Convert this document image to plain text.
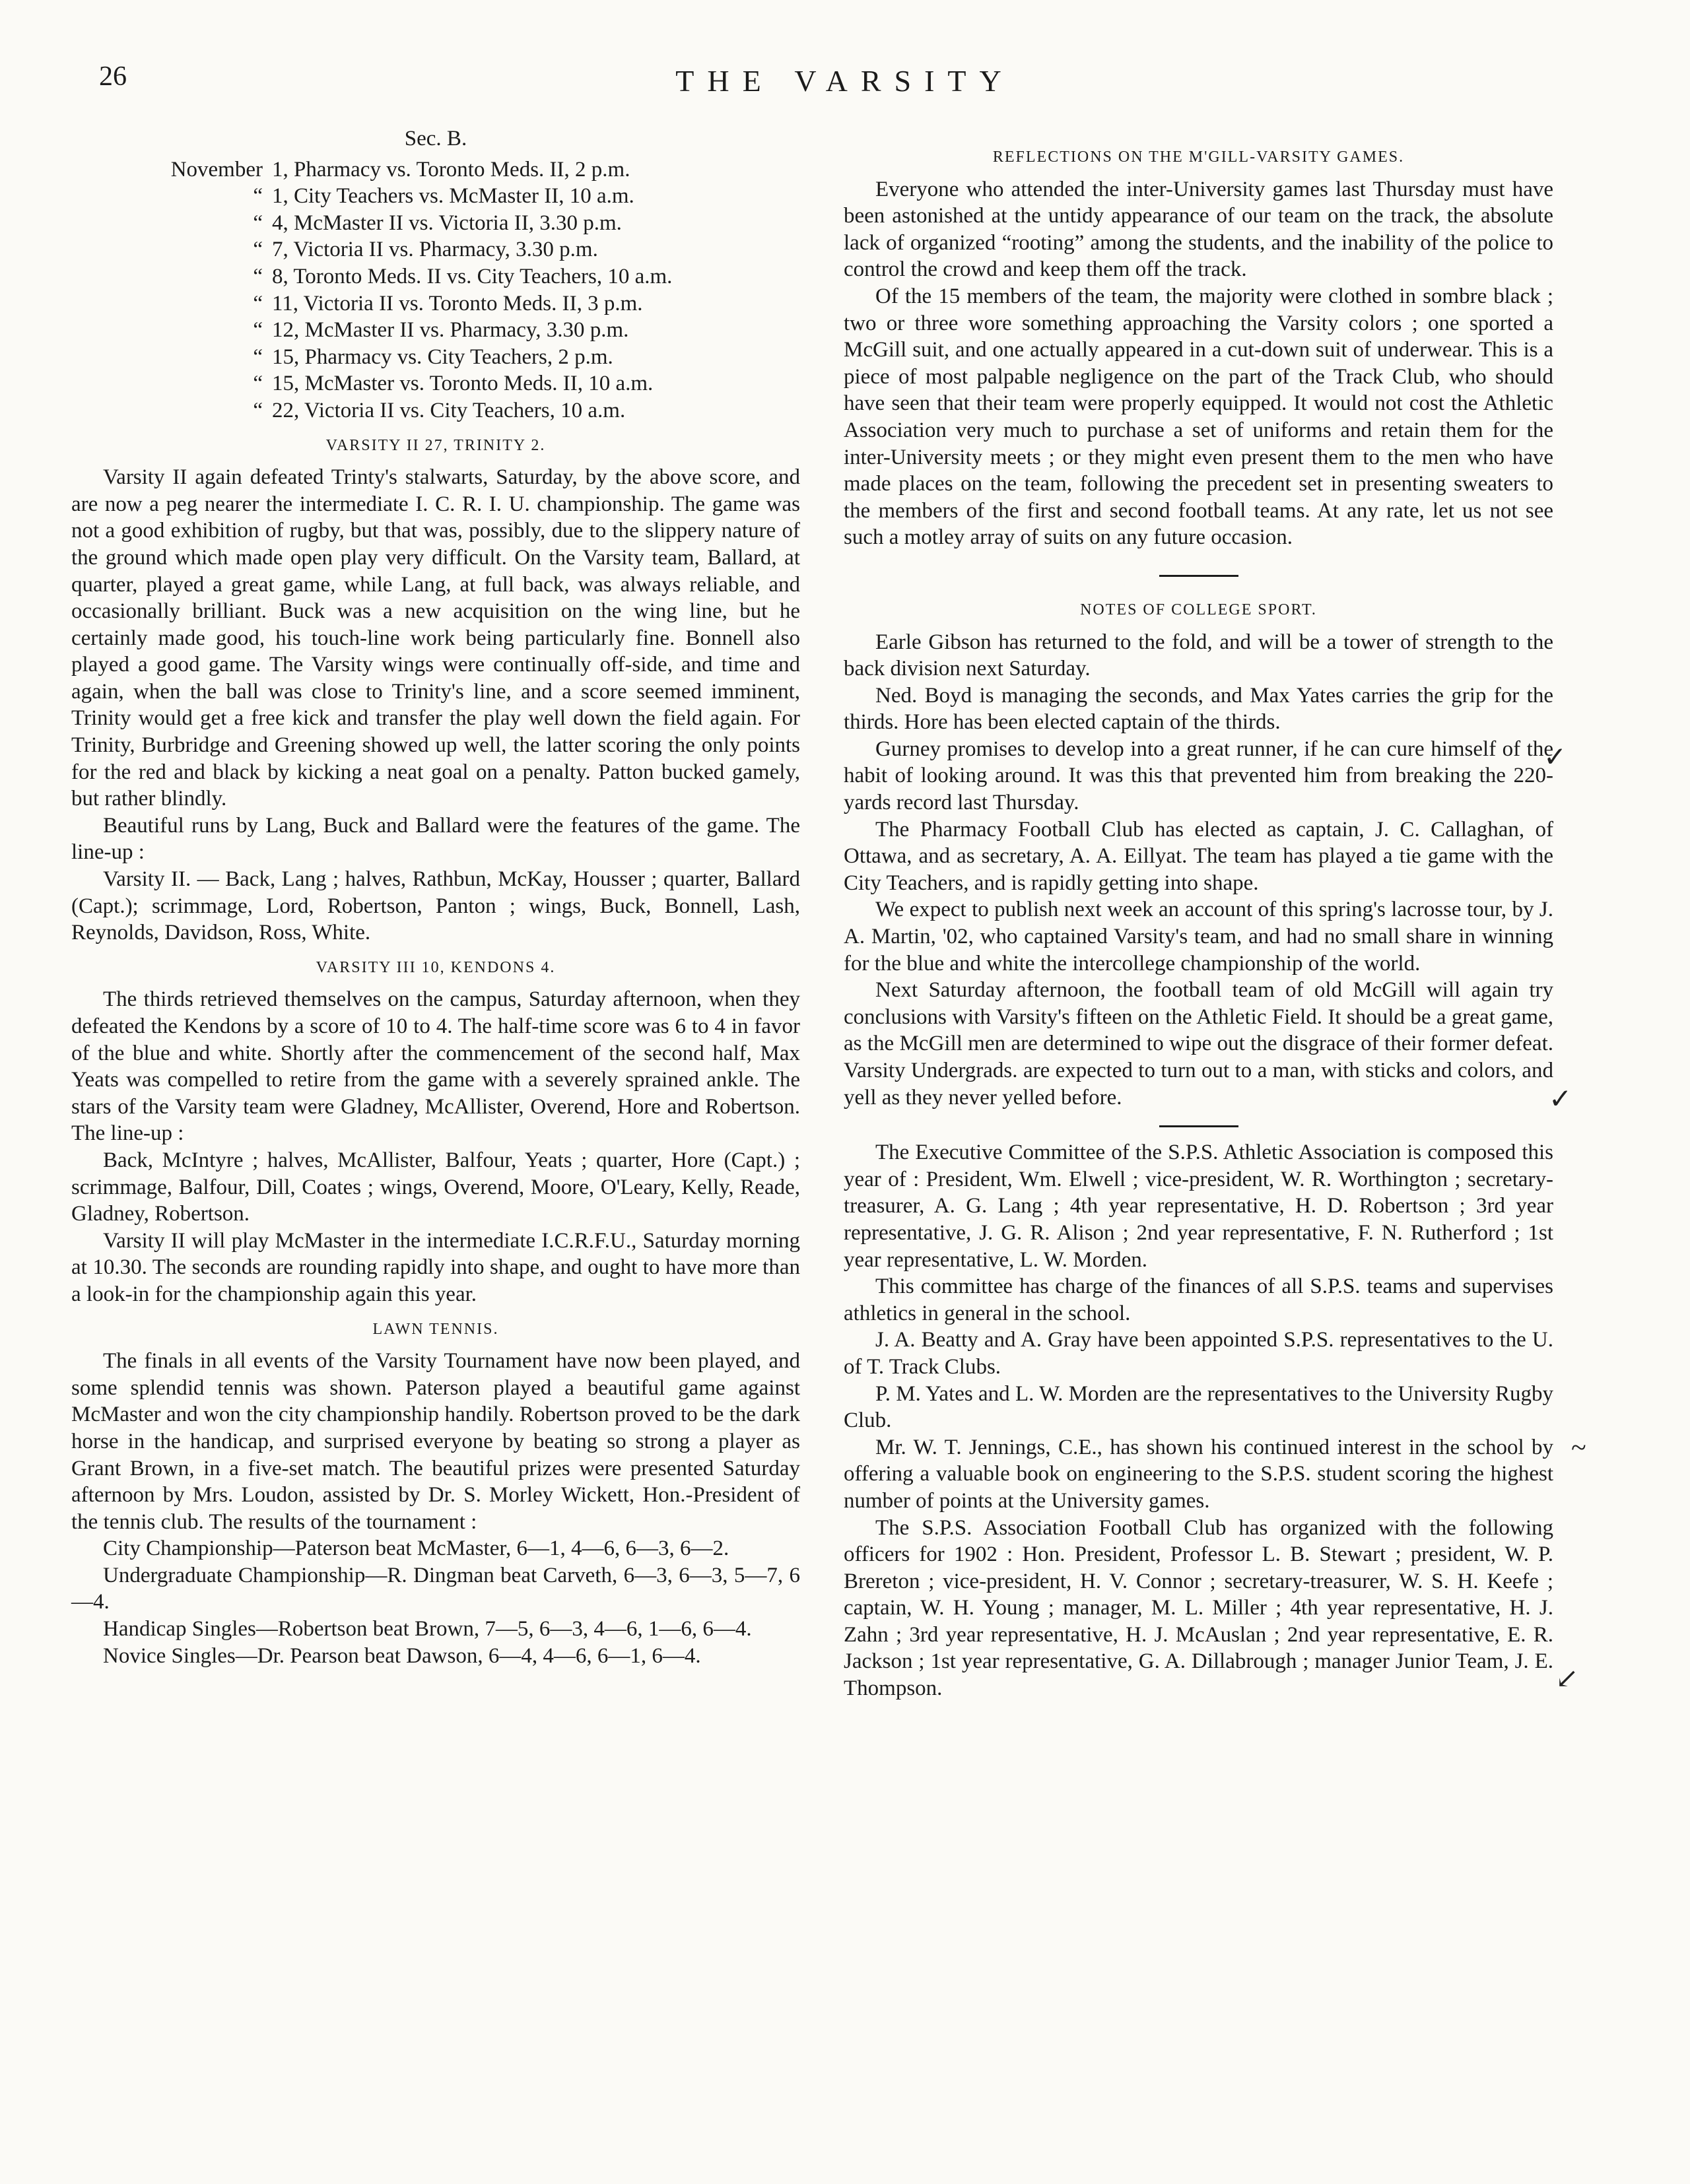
26	THE VARSITY
Sec. B.
November 1, Pharmacy vs. Toronto Meds. II, 2 p.m.
“ 1, City Teachers vs. McMaster II, 10 a.m.
“ 4, McMaster II vs. Victoria II, 3.30 p.m.
“ 7, Victoria II vs. Pharmacy, 3.30 p.m.
“ 8, Toronto Meds. II vs. City Teachers, 10 a.m.
“ 11, Victoria II vs. Toronto Meds. II, 3 p.m.
“ 12, McMaster II vs. Pharmacy, 3.30 p.m.
“ 15, Pharmacy vs. City Teachers, 2 p.m.
“ 15, McMaster vs. Toronto Meds. II, 10 a.m.
“ 22, Victoria II vs. City Teachers, 10 a.m.
VARSITY II 27, TRINITY 2.

Varsity II again defeated Trinty's stalwarts, Saturday, by the above score, and are now a peg nearer the intermediate I. C. R. I. U. championship. The game was not a good exhibition of rugby, but that was, possibly, due to the slippery nature of the ground which made open play very difficult. On the Varsity team, Ballard, at quarter, played a great game, while Lang, at full back, was always reliable, and occasionally brilliant. Buck was a new acquisition on the wing line, but he certainly made good, his touch-line work being particularly fine. Bonnell also played a good game. The Varsity wings were continually off-side, and time and again, when the ball was close to Trinity's line, and a score seemed imminent, Trinity would get a free kick and transfer the play well down the field again. For Trinity, Burbridge and Greening showed up well, the latter scoring the only points for the red and black by kicking a neat goal on a penalty. Patton bucked gamely, but rather blindly.

Beautiful runs by Lang, Buck and Ballard were the features of the game. The line-up :

Varsity II. — Back, Lang ; halves, Rathbun, McKay, Housser ; quarter, Ballard (Capt.); scrimmage, Lord, Robertson, Panton ; wings, Buck, Bonnell, Lash, Reynolds, Davidson, Ross, White.

VARSITY III 10, KENDONS 4.

The thirds retrieved themselves on the campus, Saturday afternoon, when they defeated the Kendons by a score of 10 to 4. The half-time score was 6 to 4 in favor of the blue and white. Shortly after the commencement of the second half, Max Yeats was compelled to retire from the game with a severely sprained ankle. The stars of the Varsity team were Gladney, McAllister, Overend, Hore and Robertson. The line-up :

Back, McIntyre ; halves, McAllister, Balfour, Yeats ; quarter, Hore (Capt.) ; scrimmage, Balfour, Dill, Coates ; wings, Overend, Moore, O'Leary, Kelly, Reade, Gladney, Robertson.

Varsity II will play McMaster in the intermediate I.C.R.F.U., Saturday morning at 10.30. The seconds are rounding rapidly into shape, and ought to have more than a look-in for the championship again this year.

LAWN TENNIS.

The finals in all events of the Varsity Tournament have now been played, and some splendid tennis was shown. Paterson played a beautiful game against McMaster and won the city championship handily. Robertson proved to be the dark horse in the handicap, and surprised everyone by beating so strong a player as Grant Brown, in a five-set match. The beautiful prizes were presented Saturday afternoon by Mrs. Loudon, assisted by Dr. S. Morley Wickett, Hon.-President of the tennis club. The results of the tournament :

City Championship—Paterson beat McMaster, 6—1, 4—6, 6—3, 6—2.

Undergraduate Championship—R. Dingman beat Carveth, 6—3, 6—3, 5—7, 6—4.

Handicap Singles—Robertson beat Brown, 7—5, 6—3, 4—6, 1—6, 6—4.

Novice Singles—Dr. Pearson beat Dawson, 6—4, 4—6, 6—1, 6—4.

REFLECTIONS ON THE M'GILL-VARSITY GAMES.

Everyone who attended the inter-University games last Thursday must have been astonished at the untidy appearance of our team on the track, the absolute lack of organized “rooting” among the students, and the inability of the police to control the crowd and keep them off the track.

Of the 15 members of the team, the majority were clothed in sombre black ; two or three wore something approaching the Varsity colors ; one sported a McGill suit, and one actually appeared in a cut-down suit of underwear. This is a piece of most palpable negligence on the part of the Track Club, who should have seen that their team were properly equipped. It would not cost the Athletic Association very much to purchase a set of uniforms and retain them for the inter-University meets ; or they might even present them to the men who have made places on the team, following the precedent set in presenting sweaters to the members of the first and second football teams. At any rate, let us not see such a motley array of suits on any future occasion.

NOTES OF COLLEGE SPORT.

Earle Gibson has returned to the fold, and will be a tower of strength to the back division next Saturday.

Ned. Boyd is managing the seconds, and Max Yates carries the grip for the thirds. Hore has been elected captain of the thirds.

Gurney promises to develop into a great runner, if he can cure himself of the habit of looking around. It was this that prevented him from breaking the 220-yards record last Thursday.

The Pharmacy Football Club has elected as captain, J. C. Callaghan, of Ottawa, and as secretary, A. A. Eillyat. The team has played a tie game with the City Teachers, and is rapidly getting into shape.

We expect to publish next week an account of this spring's lacrosse tour, by J. A. Martin, '02, who captained Varsity's team, and had no small share in winning for the blue and white the intercollege championship of the world.

Next Saturday afternoon, the football team of old McGill will again try conclusions with Varsity's fifteen on the Athletic Field. It should be a great game, as the McGill men are determined to wipe out the disgrace of their former defeat. Varsity Undergrads. are expected to turn out to a man, with sticks and colors, and yell as they never yelled before.

The Executive Committee of the S.P.S. Athletic Association is composed this year of : President, Wm. Elwell ; vice-president, W. R. Worthington ; secretary-treasurer, A. G. Lang ; 4th year representative, H. D. Robertson ; 3rd year representative, J. G. R. Alison ; 2nd year representative, F. N. Rutherford ; 1st year representative, L. W. Morden.

This committee has charge of the finances of all S.P.S. teams and supervises athletics in general in the school.

J. A. Beatty and A. Gray have been appointed S.P.S. representatives to the U. of T. Track Clubs.

P. M. Yates and L. W. Morden are the representatives to the University Rugby Club.

Mr. W. T. Jennings, C.E., has shown his continued interest in the school by offering a valuable book on engineering to the S.P.S. student scoring the highest number of points at the University games.

The S.P.S. Association Football Club has organized with the following officers for 1902 : Hon. President, Professor L. B. Stewart ; president, W. P. Brereton ; vice-president, H. V. Connor ; secretary-treasurer, W. S. H. Keefe ; captain, W. H. Young ; manager, M. L. Miller ; 4th year representative, H. J. Zahn ; 3rd year representative, H. J. McAuslan ; 2nd year representative, E. R. Jackson ; 1st year representative, G. A. Dillabrough ; manager Junior Team, J. E. Thompson.

✓
✓
~
↙
